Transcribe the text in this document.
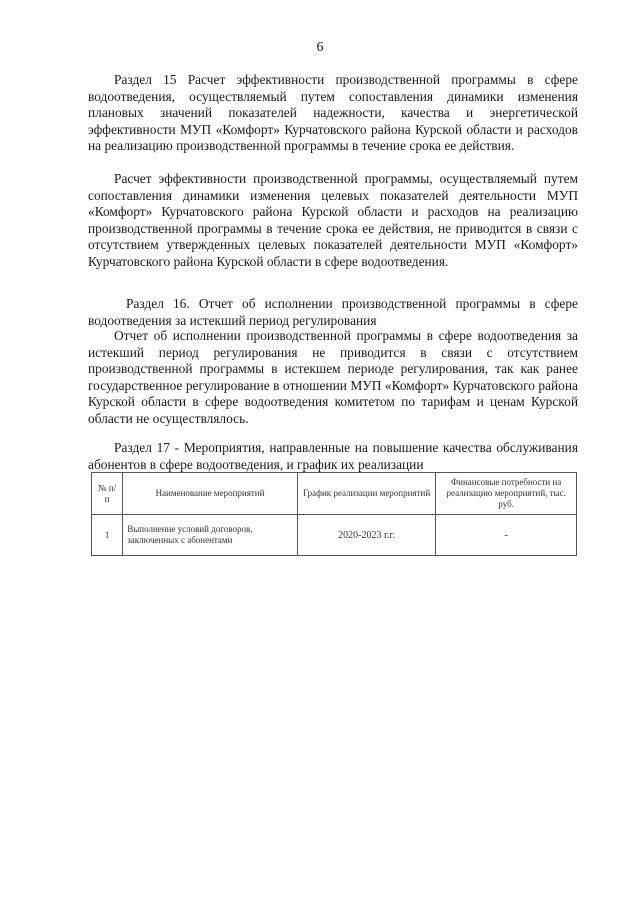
6

Раздел 15 Расчет эффективности производственной программы в сфере водоотведения, осуществляемый путем сопоставления динамики изменения плановых значений показателей надежности, качества и энергетической эффективности МУП «Комфорт» Курчатовского района Курской области и расходов на реализацию производственной программы в течение срока ее действия.

Расчет эффективности производственной программы, осуществляемый путем сопоставления динамики изменения целевых показателей деятельности МУП «Комфорт» Курчатовского района Курской области и расходов на реализацию производственной программы в течение срока ее действия, не приводится в связи с отсутствием утвержденных целевых показателей деятельности МУП «Комфорт» Курчатовского района Курской области в сфере водоотведения.

Раздел 16. Отчет об исполнении производственной программы в сфере водоотведения за истекший период регулирования

Отчет об исполнении производственной программы в сфере водоотведения за истекший период регулирования не приводится в связи с отсутствием производственной программы в истекшем периоде регулирования, так как ранее государственное регулирование в отношении МУП «Комфорт» Курчатовского района Курской области в сфере водоотведения комитетом по тарифам и ценам Курской области не осуществлялось.

Раздел 17 - Мероприятия, направленные на повышение качества обслуживания абонентов в сфере водоотведения, и график их реализации

№ п/п	Наименование мероприятий	График реализации мероприятий	Финансовые потребности на реализацию мероприятий, тыс. руб.
1	Выполнение условий договоров, заключенных с абонентами	2020-2023 г.г.	-
